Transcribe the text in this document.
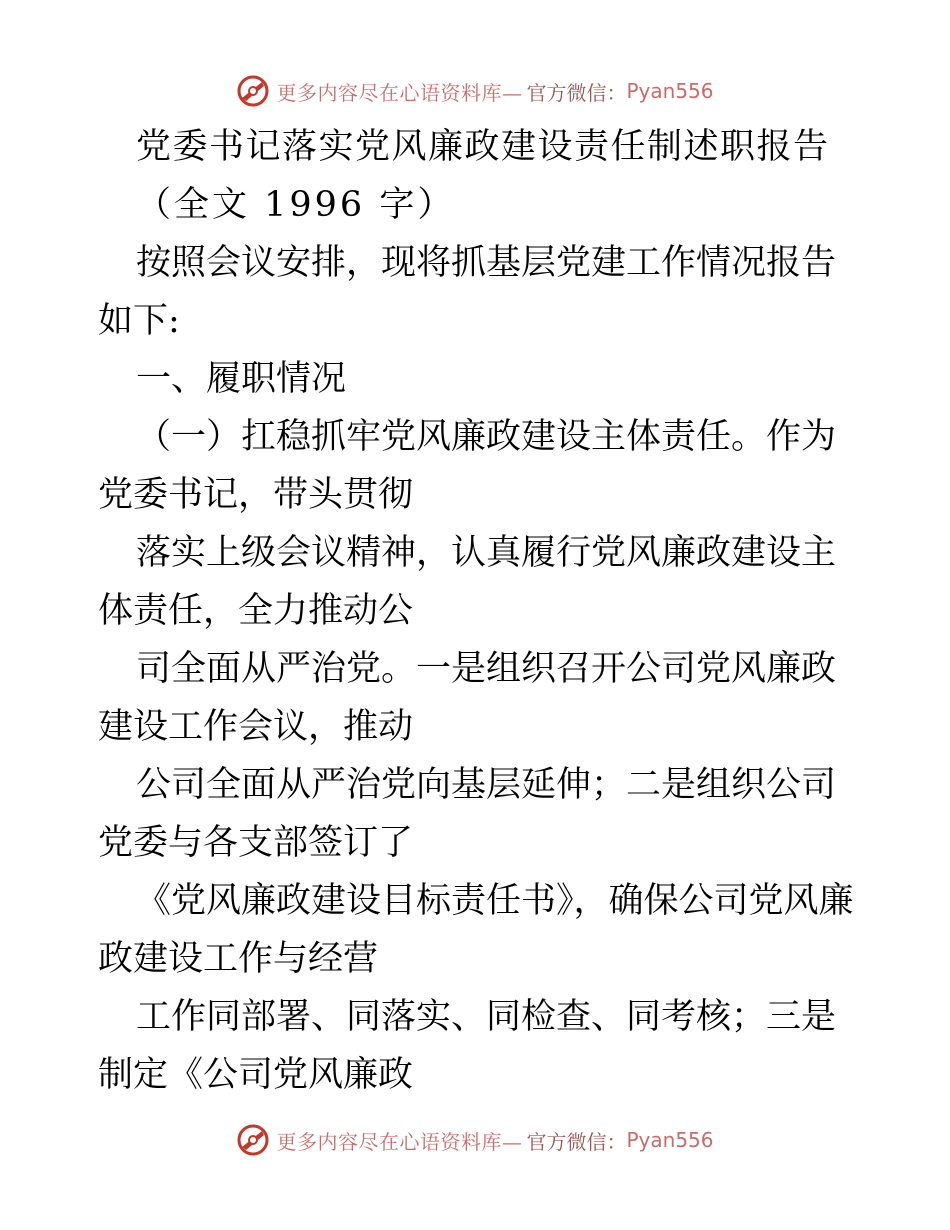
更多内容尽在心语资料库— 官方微信： Pyan556

党委书记落实党风廉政建设责任制述职报告

（全文 1996 字）

按照会议安排，现将抓基层党建工作情况报告如下:

一、履职情况

（一）扛稳抓牢党风廉政建设主体责任。作为党委书记，带头贯彻

落实上级会议精神，认真履行党风廉政建设主体责任，全力推动公

司全面从严治党。一是组织召开公司党风廉政建设工作会议，推动

公司全面从严治党向基层延伸；二是组织公司党委与各支部签订了

《党风廉政建设目标责任书》，确保公司党风廉政建设工作与经营

工作同部署、同落实、同检查、同考核；三是制定《公司党风廉政

更多内容尽在心语资料库— 官方微信： Pyan556
